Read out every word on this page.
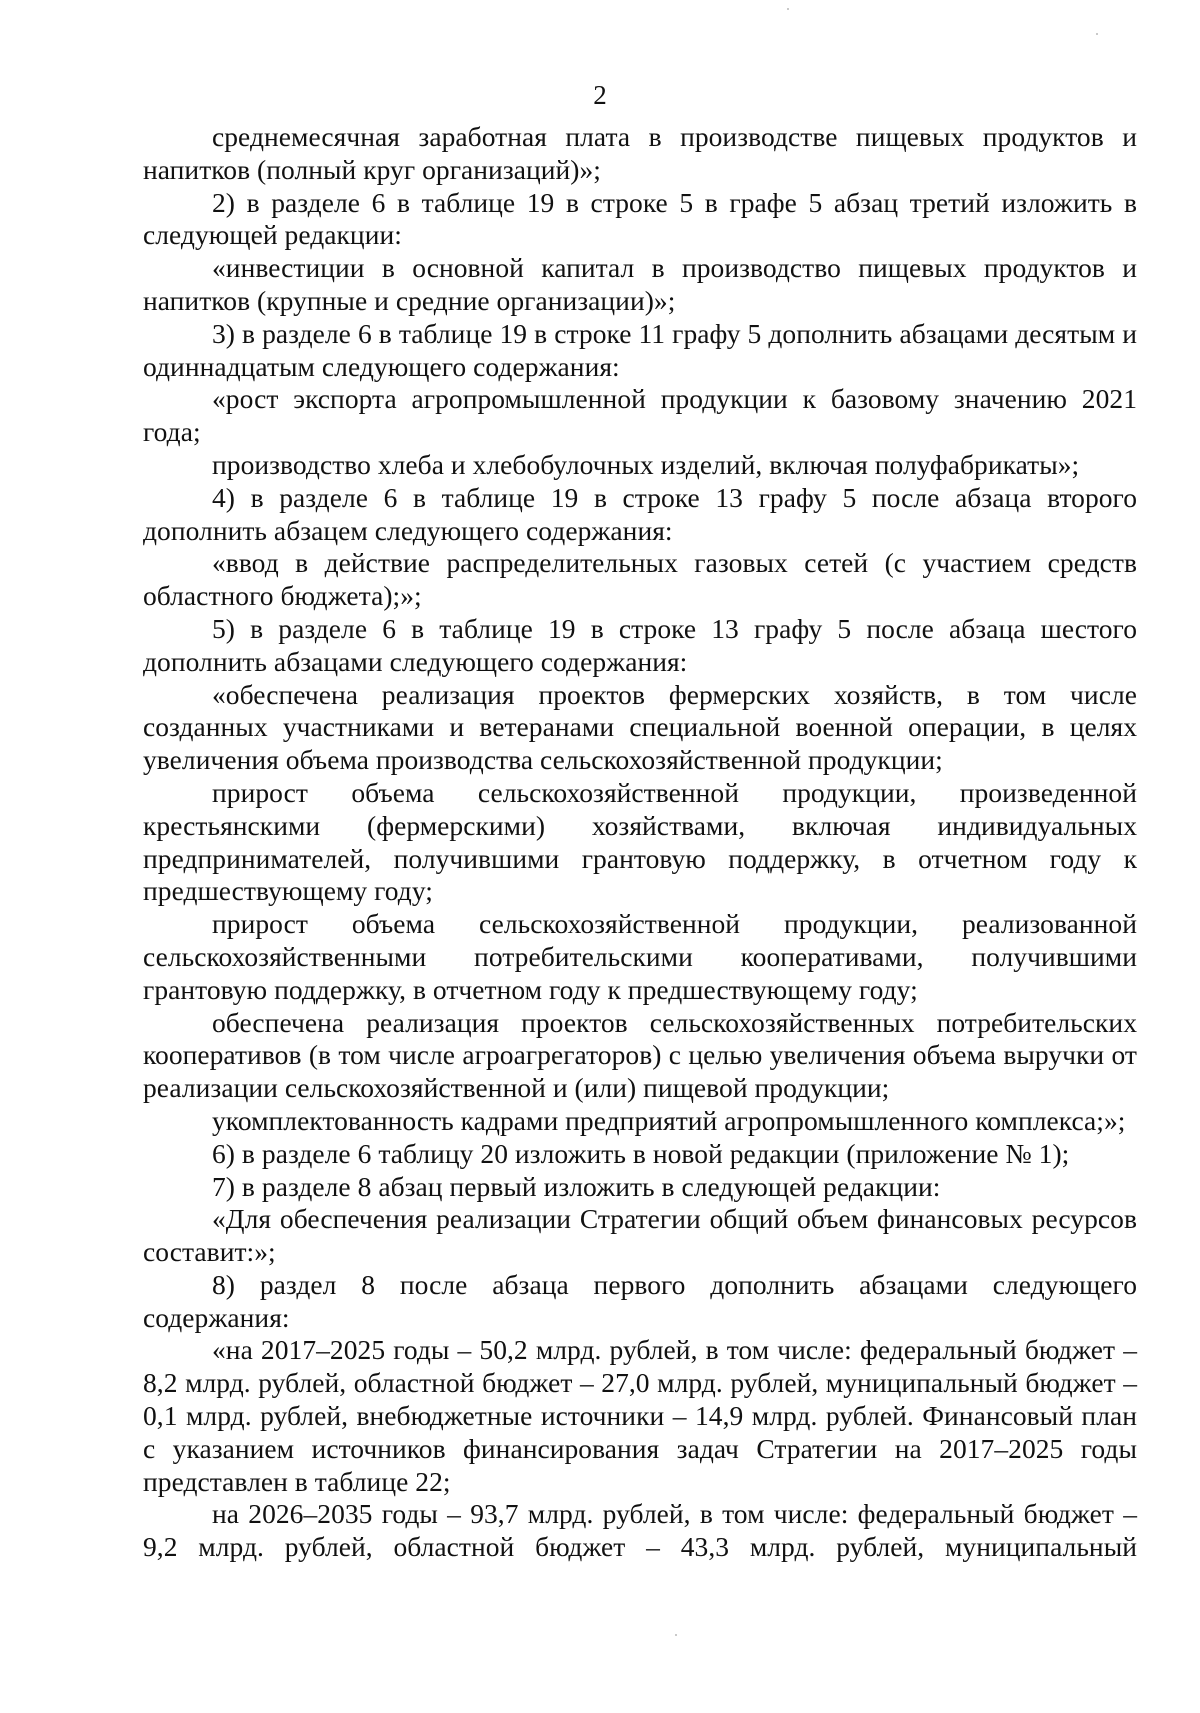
2

среднемесячная заработная плата в производстве пищевых продуктов и напитков (полный круг организаций)»;

2) в разделе 6 в таблице 19 в строке 5 в графе 5 абзац третий изложить в следующей редакции:

«инвестиции в основной капитал в производство пищевых продуктов и напитков (крупные и средние организации)»;

3) в разделе 6 в таблице 19 в строке 11 графу 5 дополнить абзацами десятым и одиннадцатым следующего содержания:

«рост экспорта агропромышленной продукции к базовому значению 2021 года;

производство хлеба и хлебобулочных изделий, включая полуфабрикаты»;

4) в разделе 6 в таблице 19 в строке 13 графу 5 после абзаца второго дополнить абзацем следующего содержания:

«ввод в действие распределительных газовых сетей (с участием средств областного бюджета);»;

5) в разделе 6 в таблице 19 в строке 13 графу 5 после абзаца шестого дополнить абзацами следующего содержания:

«обеспечена реализация проектов фермерских хозяйств, в том числе созданных участниками и ветеранами специальной военной операции, в целях увеличения объема производства сельскохозяйственной продукции;

прирост объема сельскохозяйственной продукции, произведенной крестьянскими (фермерскими) хозяйствами, включая индивидуальных предпринимателей, получившими грантовую поддержку, в отчетном году к предшествующему году;

прирост объема сельскохозяйственной продукции, реализованной сельскохозяйственными потребительскими кооперативами, получившими грантовую поддержку, в отчетном году к предшествующему году;

обеспечена реализация проектов сельскохозяйственных потребительских кооперативов (в том числе агроагрегаторов) с целью увеличения объема выручки от реализации сельскохозяйственной и (или) пищевой продукции;

укомплектованность кадрами предприятий агропромышленного комплекса;»;

6) в разделе 6 таблицу 20 изложить в новой редакции (приложение № 1);

7) в разделе 8 абзац первый изложить в следующей редакции:

«Для обеспечения реализации Стратегии общий объем финансовых ресурсов составит:»;

8) раздел 8 после абзаца первого дополнить абзацами следующего содержания:

«на 2017–2025 годы – 50,2 млрд. рублей, в том числе: федеральный бюджет – 8,2 млрд. рублей, областной бюджет – 27,0 млрд. рублей, муниципальный бюджет – 0,1 млрд. рублей, внебюджетные источники – 14,9 млрд. рублей. Финансовый план с указанием источников финансирования задач Стратегии на 2017–2025 годы представлен в таблице 22;

на 2026–2035 годы – 93,7 млрд. рублей, в том числе: федеральный бюджет – 9,2 млрд. рублей, областной бюджет – 43,3 млрд. рублей, муниципальный
